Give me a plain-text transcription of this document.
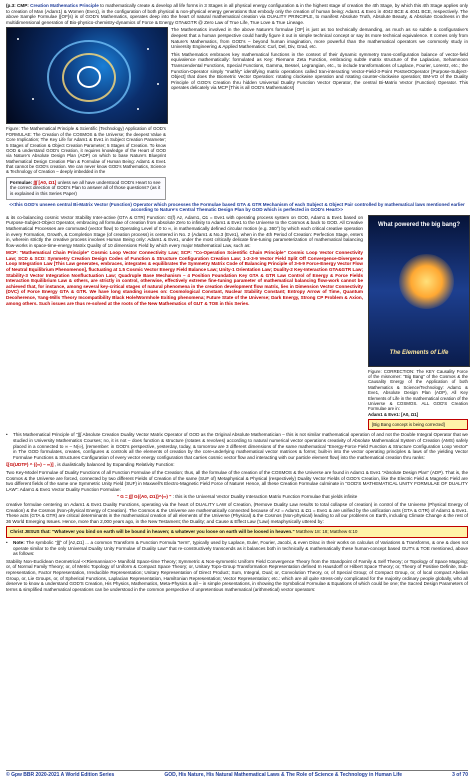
(p.3: CMP: Creation Mathematics Principle to mathematically create & develop all life forms in 3 Stages in all physical energy configuration & in the highest stage of creation the 4th Stage, by which this 4th Stage applies only to creation of Man (Adam1) & Women (Eve1), in the configuration of both physical & non-physical energy generations that embody only the creation of human being: Adam1 & Eve1 in 4042 BCE & 4041 BCE, respectively. The above Sample Formulae ([OF]s) is of GOD's Mathematics, operates deep into the heart of natural mathematical creation via DUALITY PRINCIPLE, to manifest Absolute Truth, Absolute Beauty, & Absolute Goodness in the multidimensional generation of Bio-physico-chemistry-dynamics of Force & Energy GTA&GTR @ Zero Law of True Life, True Love & True Lineage.

Figure: The Mathematical Principle & Scientific (Technology) Application of GOD's FORMULAE: The Creation of the COSMOS & the Universe; the deepest Value & Core Implication; The Key Life for Adam1 & Eve1 in Subject Creation Parameter; 5 Stages of Creation & Object Creation Parameter; 5 Stages of Creation. To know GOD & understand GOD's Creation, it requires knowledge of the Heart of GOD via Nature's Absolute Design Plan (ADP) on which to base Nature's Blueprint Mathematical Design Creation Plan & Formulae of Human Being: Adam1 & Eve1 that cannot be GOD's creation. We can never know GOD's Mathematics, Science & Technology of Creation – deeply imbedded in the
Formulae: ∫∫∫ [A0, Ω1] unless we all have understood GOD's Heart to see the correct direction of GOD's Plan to answer all of those questions? (as it is explained in this Series Paper)

The Mathematics involved in the above Nature's formulae [OF] is just as too technically demanding, as much as so subtle & configurative's deepest that a human perspective could hardly figure it out in simple technical concept or say its more technical equivalence. It comes only from Nature's Mathematics, from GOD's – beyond human imagination, more powerful than the mathematical operators we commonly study in University Engineering & Applied Mathematics: Curl, Del, Div, Grad, etc.

This Mathematics embraces key mathematical functions in the context of their dynamic symmetry trans-configuration balance of vector-field equivalence mathematically: formulated as Key: Riemann Zeta Function, embracing subtle matrix structure of the Laplacian, Sehamnoon Transcendental Functions, Special Functions, Gamma, Bessel, Legrangian, etc., to include transformations of Laplace, Fourier, Lorentz, etc.; the Function-Operator simply "mathly" identifying matrix operations called tran-interacting Vector-Field-3-Point PosSeOOperator [Purpose-Subject-Object] that does the Biometric Vector Operation: rotating clockwise operation and rotating counter-clockwise operation; BM-VO of the Duality Principle of GOD's Creation thru hidden Universal Duality Function Vector Operator, the central Bi-Matrix Vector (Function) Operator. This operates delicately via MCP [This is all GOD's Mathematics!]

<<this GOD's unseen central Bi-Matrix Vector (Function) Operator which processes the Formulae based GTA & GTR Mechanism of each Subject & Object Pair controlled by mathematical laws mentioned earlier according to Nature's Central Thematic Design Plan by GOD which is perfected in GOD's Heart>>

& its co-balancing cosmic Vector Stability Inter-active (GTA & GTR) Function: G(f) Az, Adam1, Ω1 = Eve1 with operating process system on GOD, Adam1 & Eve1 based on Purpose-Subject-Object Operator, embracing all formulae of creation from absolute Zero to infinity to Adam1 & Eve1 to the Universe to the Cosmos & back to GOD. All Creative Mathematical Processes are commuted (vector flow) to Operating Level of 0 to ∞, in mathematically defined circular motion (e.g. 360°) by which each critical creative operation in every Formation, Growth, & Completion Stage (of creation process) is centered in No. 2 (Adam1 & No.3 (Eve1), when in the 4th Period of Creation: Perfection Stage, enters in, wherein strictly the creative process involves Human Being only: Adam1 & Eve1, under the most critically delicate fine-tuning parameterization of mathematical balancing flow-works in space-time-energy Matrix Quality of 10 dimensions Field by which every major Mathematical Law, such as:

MCP: "Mathematical Chain Principle" Cosmic Loop Vector Connectivity Law; SCP: "Co-Operation Scientific Chain Principle" Cosmic Loop Vector Connectivity Law; SCD & SCD: Symmetry Creation Design Codes of Function & Structure Configuration Creation Law; 1-3-3-9 Vector Field Split Off Convergence-Divergence Loop Integration Law [This Law generates, embraces, integrates & equilibrates the Symmetry Matrix Code of Balancing Principle of 3-6-9 Force-Energy Vector Flow of Neutral Equilibrium Phenomenon], fluctuating at 1.5 Cosmic Vector Energy Field Balance Law; Unity-1 Orientation Law; Duality-2 Key-Interaction GTA&GTR Law; Stability-3 Vector Integration Nonfluctuation Law; Quadruple Base Mechanism – 4 Position Foundation Key GTA & GTR Law Control of Energy & Force Fields Interaction Equilibrium Law & others, are strictly in control, otherwise, effectively extreme fine-tuning parameter of mathematical balancing flow-work cannot be achieved that, for instance, among several key-critical stages of natural phenomena in the creation development flow matrix, lies in Dimension Vector Connectivity (DVC) of Force Energy GTA & GTR. We have long standing issues on: Cosmological Constant, Nuclear Stability Constant; Entropy Arrow of Time, Quantum Decoherence, Yang-Mills Theory Incompatibility Black Hole/Wormhole Exiting phenomena; Future State of the Universe; Dark Energy, Strong CP Problem & Axion, among others. Such issues are thus re-solved at the roots of the New Mathematics of GUT & TOE in this Series.

What powered the big bang?
The Elements of Life
Figure: CORRECTION: The KEY Causality Force of the misnomer: "Big Bang" of the Cosmos & the Causality Energy of the Application of both Mathematics & Science/Technology: Adam1 & Eve1, Absolute Design Plan (ADP), All Key Elements of Life in the mathematical creation of the Universe & COSMOS. ALL GOD'S Creation Formulae are in:
Adam1 & Eve1: [A0, Ω1]
[Big Bang concept is being corrected]
•	This Mathematical Principle of "∫∫∫ Absolute Creation Duality Vector Matrix Operator of GOD as the Original Absolute Mathematician – this is not similar mathematical operation of and not the Double Integral Operator that we studied in University Mathematics Courses; no, it is not – does function & structure (rotates & revolves) according to natural numerical vector operations creativity of Absolute Mathematical System of Creation (AMS) safely placed in a connected to ∞ – Ν(∞), [remember: in GOD's perspective, yesterday, today, & tomorrow are 3 different dimensions of the same mathematical "Energy-Force Field Function & Structure Configuration Loop Vector" in The GOD formulates, creates, configures & controls all the elements of creation by the core-underlying mathematical vector matrices & forms; built-in into the vector operating principles & laws of the yielding Vector Formulae Functions & Structures Configuration of every vector energy configuration that carries cosmic vector flow and interacting with our particle element flow) into the mathematical creation thru ranks:

ξ[G(UDTF) ^ {(∞) – ∞}] , is dualistically balanced by Expanding Relativity Function:

Two Key-Model Formulae of Duality Functions of all Function Formulae of the Creation; thus, all the formulae of the creation of the COSMOS & the Universe are found in Adam1 & Eve1 "Absolute Design Plan" (ADP). That is, the Cosmos & the Universe are forced, connected by two different Fields of Creation of the same (SUF of) Metaphysical & Physical (respectively) Duality Vector Fields of GOD's Creation, like the Electric Field & Magnetic Field are two different fields of the same one Symmetric Unity Field (SUF) in Maxwell's Electro-Magnetic Field Force of Nature! Hence, all these Creation Formulae culminate in "GOD'S MATHEMATICAL UNITY FORMULAE OF DUALITY LAW": Adam1 & Eve1 Vector Duality Function Formulae:

" G = ∫∫∫ G{(A0, Ω1)}^(∞) " : this is the Universal Vector Duality Interaction Matrix Function Formulae that yields infinite

creative formulae centering on Adam1 & Eve1 Duality Functions, operating via the heart of DUALITY LAW of Creation, (Remove Duality Law results to total collapse of creation) in control of the Universe (Physical Energy of Creation) & the Cosmos (Non-physical Energy of Creation). The Cosmos & the Universe are mathematically connected because of Az = Adam1 & Ω1 = Eve1 & are unified by the unification acts (GTA & GTR) of Adam1 & Eve1. These acts (GTA & GTR) are critical determinants in the mathematical creation of all elements of the Universe (Physical) & the Cosmos (Non-physical) leading to all our problems on Earth, including Climate Change & the rest of 36 World Emerging Issues. Hence, more than 2,000 years ago, in the New Testament; the Duality; and Cause & Effect Law ('Law) metaphysically uttered by:

Christ JESUS that: "Whatever you bind on earth will be bound in heaven; & whatever you loose on earth will be loosed in heaven." Matthew 18: 18; Matthew 6:10
•	Note: The symbolic "∫∫∫" of [Az,Ω1] ... a common Transform & Function Formula "term", typically used by Laplace, Euler, Fourier, Jacobi, & even Dirac in their works on calculus of Variations & Transforms, & one & does not operate similar to the only Universal Duality Unity Formulae of Duality Law" that re-constructively transcends as it balances both in technically & mathematically these human-concept based GUT's & TOE mentioned, above as follows:

Stability Non-Euclidean Geometrical <<Riemannian>> Manifold Space-time Theory; Symmetric & Non-symmetric Uniform Field Convergence Theory from the Standpoint of Family & Self Theory; or Topology of Space Mapping; or, of Normal Family Theory; or, of Metric Topology of Uniform & Compact Space Theory; or, Unitary Topo-Group Transformation Representation defined In Hausdorff or Hilbert Space Theory; or, Theory of Positive Definite, Sub-representation, Factor Representation, Irreducible Representation; Unitary Representation of Direct Product; Sum, Integral, Dual; or, Convolution Theory, or, of Special Group; of Compact Group, or, of local compact Abelian Group, or, Lie Groups, or, of Spherical Functions, Laplacian Representation, Hamiltonian Representation; Vector Representation; etc.: which are all quite stress-only complicated for the majority ordinary people globally, who all deserve to know & understand GOD'S Creation, His Physics, Mathematics, Meta-Physics & all – in simple presentations, in showing the Symbolical Formulae & Equations of which could be one; the Sacred Design Parameters of terms & simplified mathematical operations can be understood in the common perspective of unpretentious mathematical (arithmetical) vector operators:

© Gpw BBR 2020-2021 A World Edition Series	GOD, His Nature, His Natural Mathematical Laws & The Role of Science & Technology in Human Life	3 of 70
